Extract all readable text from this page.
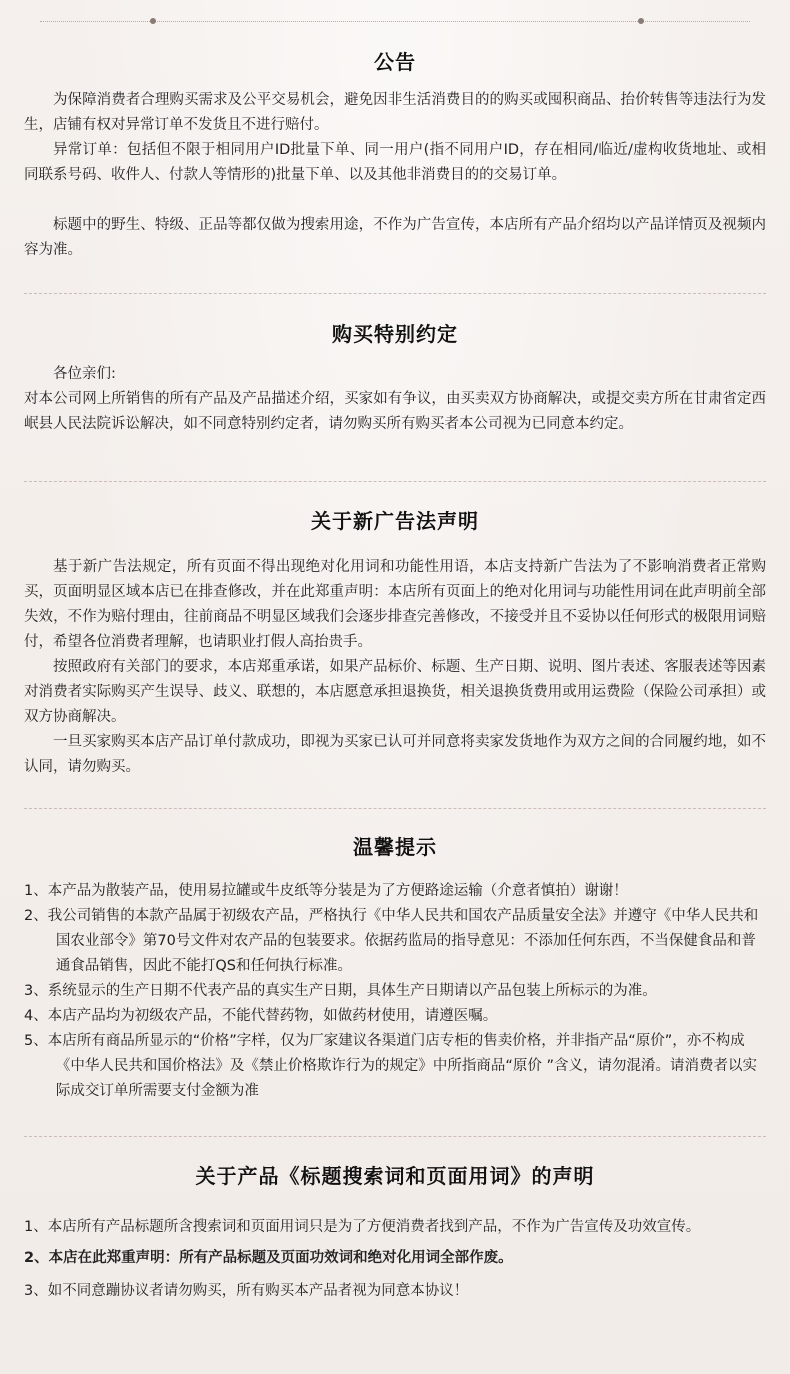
公告

为保障消费者合理购买需求及公平交易机会，避免因非生活消费目的的购买或囤积商品、抬价转售等违法行为发生，店铺有权对异常订单不发货且不进行赔付。

异常订单：包括但不限于相同用户ID批量下单、同一用户(指不同用户ID，存在相同/临近/虚构收货地址、或相同联系号码、收件人、付款人等情形的)批量下单、以及其他非消费目的的交易订单。

标题中的野生、特级、正品等都仅做为搜索用途，不作为广告宣传，本店所有产品介绍均以产品详情页及视频内容为准。

购买特别约定

各位亲们:

对本公司网上所销售的所有产品及产品描述介绍，买家如有争议，由买卖双方协商解决，或提交卖方所在甘肃省定西岷县人民法院诉讼解决，如不同意特别约定者，请勿购买所有购买者本公司视为已同意本约定。

关于新广告法声明

基于新广告法规定，所有页面不得出现绝对化用词和功能性用语，本店支持新广告法为了不影响消费者正常购买，页面明显区域本店已在排查修改，并在此郑重声明：本店所有页面上的绝对化用词与功能性用词在此声明前全部失效，不作为赔付理由，往前商品不明显区域我们会逐步排查完善修改，不接受并且不妥协以任何形式的极限用词赔付，希望各位消费者理解，也请职业打假人高抬贵手。

按照政府有关部门的要求，本店郑重承诺，如果产品标价、标题、生产日期、说明、图片表述、客服表述等因素对消费者实际购买产生误导、歧义、联想的，本店愿意承担退换货，相关退换货费用或用运费险（保险公司承担）或双方协商解决。

一旦买家购买本店产品订单付款成功，即视为买家已认可并同意将卖家发货地作为双方之间的合同履约地，如不认同，请勿购买。

温馨提示
1、本产品为散装产品，使用易拉罐或牛皮纸等分装是为了方便路途运输（介意者慎拍）谢谢！
2、我公司销售的本款产品属于初级农产品，严格执行《中华人民共和国农产品质量安全法》并遵守《中华人民共和国农业部令》第70号文件对农产品的包装要求。依据药监局的指导意见：不添加任何东西，不当保健食品和普通食品销售，因此不能打QS和任何执行标准。
3、系统显示的生产日期不代表产品的真实生产日期，具体生产日期请以产品包装上所标示的为准。
4、本店产品均为初级农产品，不能代替药物，如做药材使用，请遵医嘱。
5、本店所有商品所显示的“价格”字样，仅为厂家建议各渠道门店专柜的售卖价格，并非指产品“原价”，亦不构成《中华人民共和国价格法》及《禁止价格欺诈行为的规定》中所指商品“原价 ”含义，请勿混淆。请消费者以实际成交订单所需要支付金额为准
关于产品《标题搜索词和页面用词》的声明
1、本店所有产品标题所含搜索词和页面用词只是为了方便消费者找到产品，不作为广告宣传及功效宣传。
2、本店在此郑重声明：所有产品标题及页面功效词和绝对化用词全部作废。
3、如不同意蹦协议者请勿购买，所有购买本产品者视为同意本协议！
